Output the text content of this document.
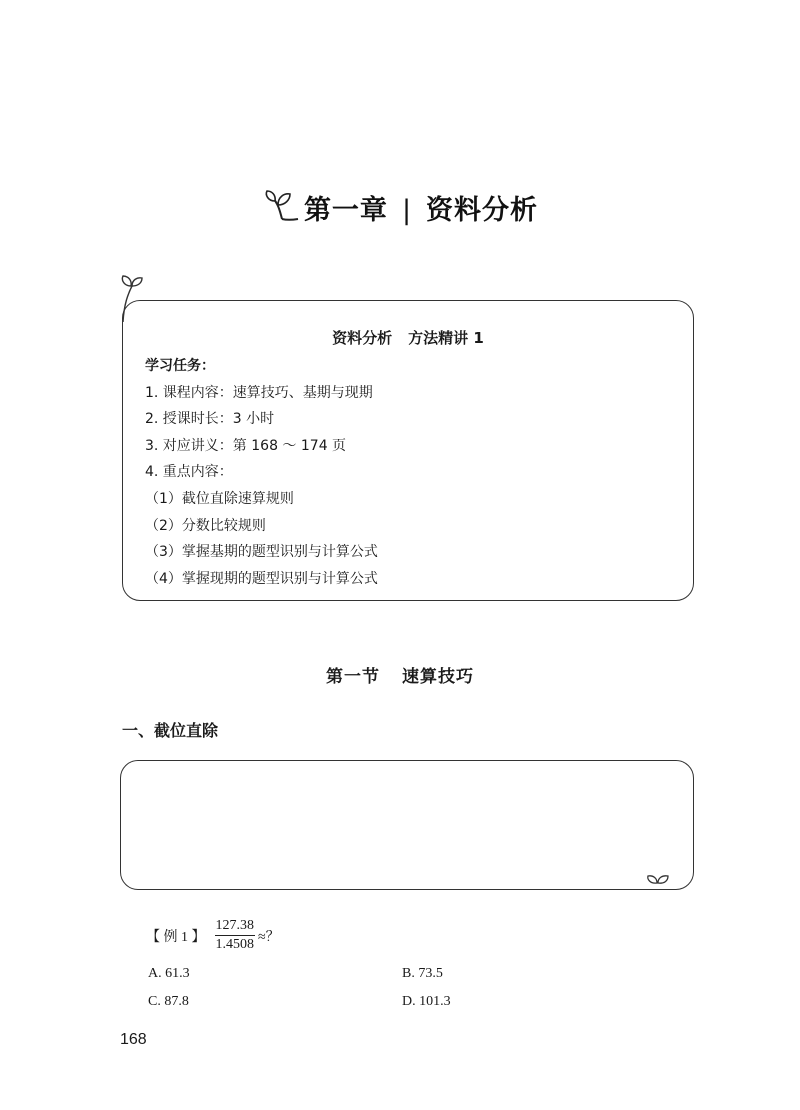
第一章 | 资料分析
资料分析 方法精讲 1
学习任务：
1. 课程内容：速算技巧、基期与现期
2. 授课时长：3 小时
3. 对应讲义：第 168 ～ 174 页
4. 重点内容：
（1）截位直除速算规则
（2）分数比较规则
（3）掌握基期的题型识别与计算公式
（4）掌握现期的题型识别与计算公式
第一节 速算技巧
一、截位直除
【 例 1 】 $\frac{127.38}{1.4508}$ ≈？
A. 61.3	B. 73.5
C. 87.8	D. 101.3
168
